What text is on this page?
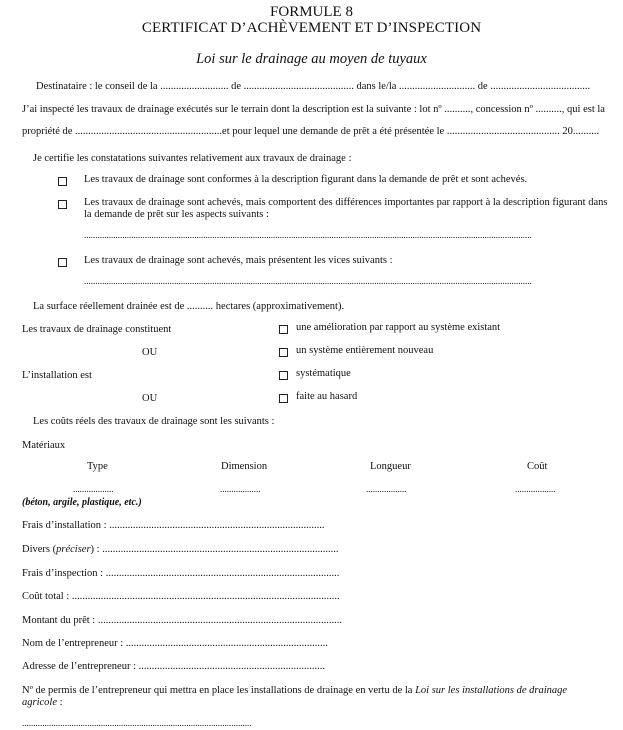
FORMULE 8
CERTIFICAT D’ACHÈVEMENT ET D’INSPECTION
Loi sur le drainage au moyen de tuyaux
Destinataire : le conseil de la .......................... de .......................................... dans le/la ............................. de ......................................
J’ai inspecté les travaux de drainage exécutés sur le terrain dont la description est la suivante : lot nº .........., concession nº .........., qui est la
propriété de ........................................................et pour lequel une demande de prêt a été présentée le ........................................... 20..........
Je certifie les constatations suivantes relativement aux travaux de drainage :
Les travaux de drainage sont conformes à la description figurant dans la demande de prêt et sont achevés.
Les travaux de drainage sont achevés, mais comportent des différences importantes par rapport à la description figurant dans
la demande de prêt sur les aspects suivants :
.......................................................................................................................................................................................................
Les travaux de drainage sont achevés, mais présentent les vices suivants :
.......................................................................................................................................................................................................
La surface réellement drainée est de .......... hectares (approximativement).
Les travaux de drainage constituent	une amélioration par rapport au système existant
OU	un système entièrement nouveau
L’installation est	systématique
OU	faite au hasard
Les coûts réels des travaux de drainage sont les suivants :
Matériaux
Type	Dimension	Longueur	Coût
..................	..................	..................	..................
(béton, argile, plastique, etc.)
Frais d’installation : ..................................................................................
Divers (préciser) : ..........................................................................................
Frais d’inspection : .........................................................................................
Coût total : ......................................................................................................
Montant du prêt : .............................................................................................
Nom de l’entrepreneur : .............................................................................
Adresse de l’entrepreneur : .......................................................................
Nº de permis de l’entrepreneur qui mettra en place les installations de drainage en vertu de la Loi sur les installations de drainage
agricole :
......................................................................................................
